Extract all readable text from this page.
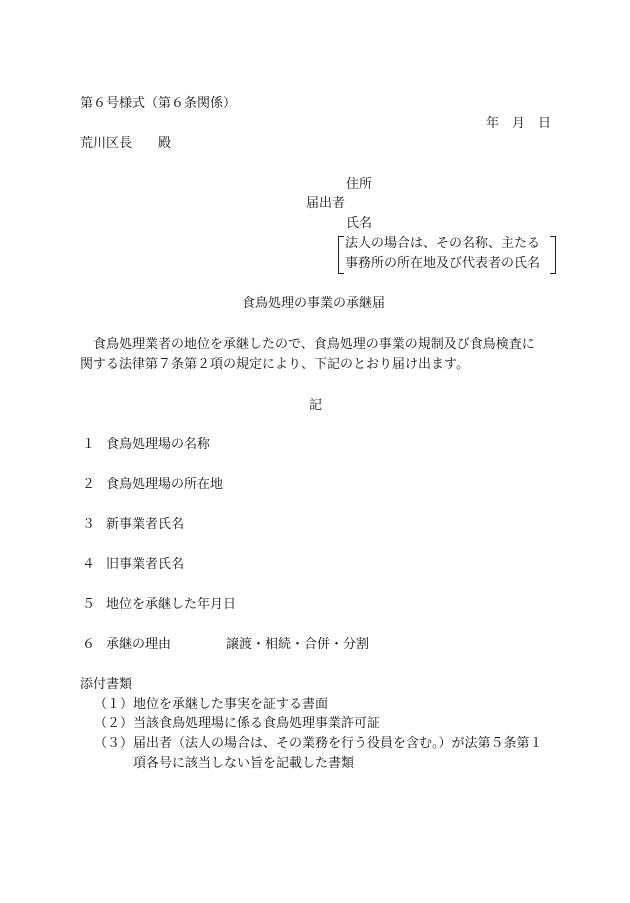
第６号様式（第６条関係）
年　月　日
荒川区長　　殿
住所
届出者
氏名
法人の場合は、その名称、主たる
事務所の所在地及び代表者の氏名
食鳥処理の事業の承継届
食鳥処理業者の地位を承継したので、食鳥処理の事業の規制及び食鳥検査に
関する法律第７条第２項の規定により、下記のとおり届け出ます。
記
１ 食鳥処理場の名称
２ 食鳥処理場の所在地
３ 新事業者氏名
４ 旧事業者氏名
５ 地位を承継した年月日
６ 承継の理由	譲渡・相続・合併・分割
添付書類
（１） 地位を承継した事実を証する書面
（２） 当該食鳥処理場に係る食鳥処理事業許可証
（３） 届出者（法人の場合は、その業務を行う役員を含む。）が法第５条第１
項各号に該当しない旨を記載した書類
